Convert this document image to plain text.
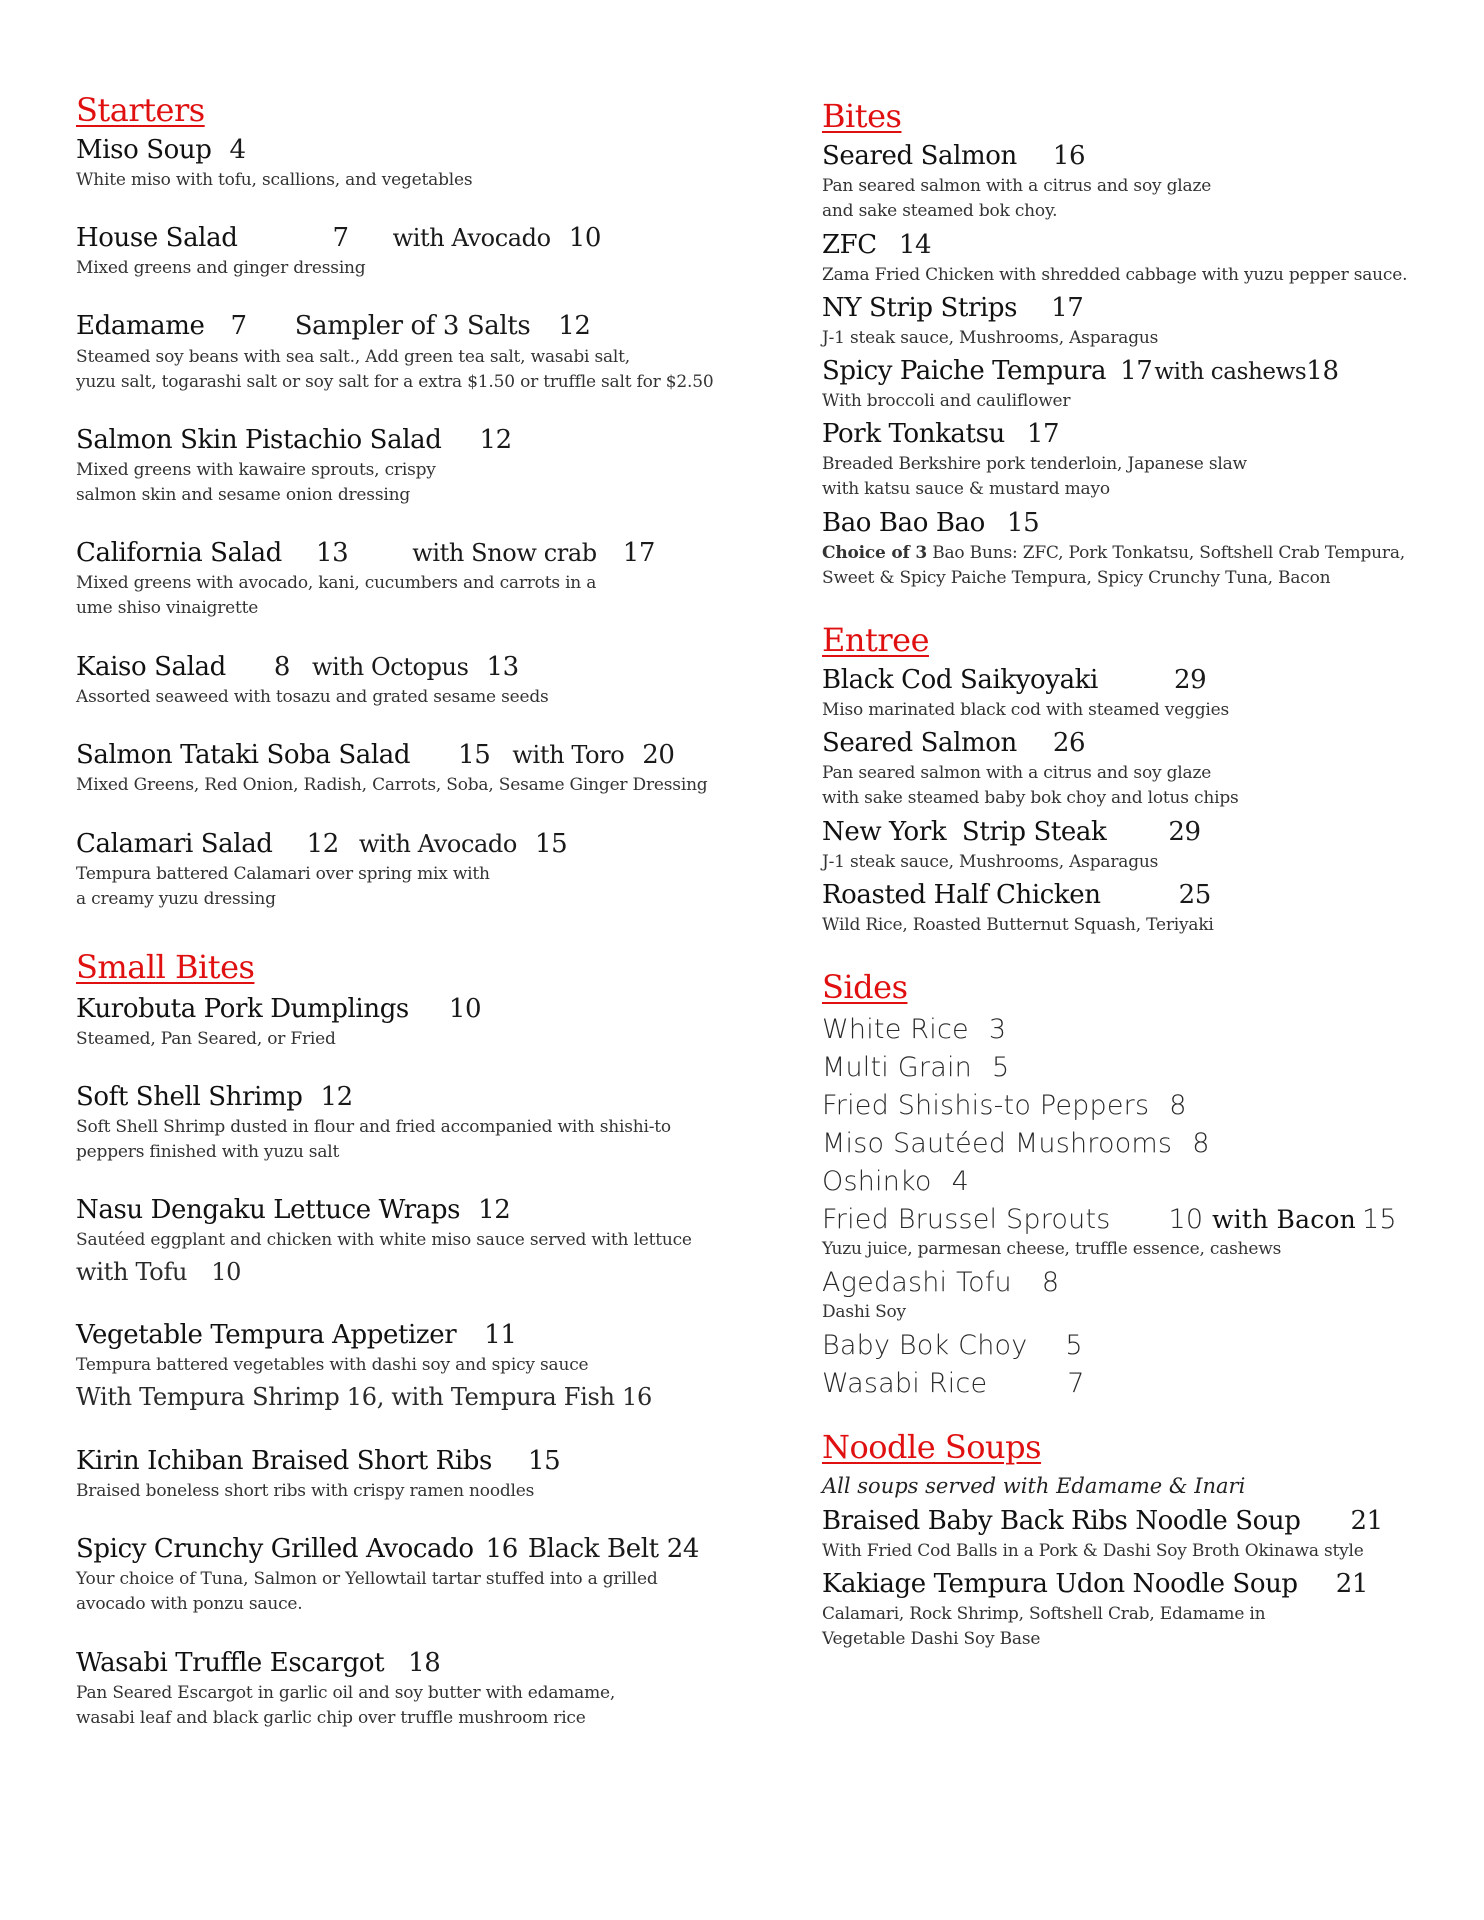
Starters
Miso Soup 4
White miso with tofu, scallions, and vegetables
House Salad	7 with Avocado 10
Mixed greens and ginger dressing
Edamame 7 Sampler of 3 Salts 12
Steamed soy beans with sea salt., Add green tea salt, wasabi salt,
yuzu salt, togarashi salt or soy salt for a extra $1.50 or truffle salt for $2.50
Salmon Skin Pistachio Salad 12
Mixed greens with kawaire sprouts, crispy
salmon skin and sesame onion dressing
California Salad 13	with Snow crab 17
Mixed greens with avocado, kani, cucumbers and carrots in a
ume shiso vinaigrette
Kaiso Salad 8 with Octopus 13
Assorted seaweed with tosazu and grated sesame seeds
Salmon Tataki Soba Salad 15 with Toro 20
Mixed Greens, Red Onion, Radish, Carrots, Soba, Sesame Ginger Dressing
Calamari Salad 12 with Avocado 15
Tempura battered Calamari over spring mix with
a creamy yuzu dressing
Small Bites
Kurobuta Pork Dumplings 10
Steamed, Pan Seared, or Fried
Soft Shell Shrimp 12
Soft Shell Shrimp dusted in flour and fried accompanied with shishi-to
peppers finished with yuzu salt
Nasu Dengaku Lettuce Wraps 12
Sautéed eggplant and chicken with white miso sauce served with lettuce
with Tofu 10
Vegetable Tempura Appetizer 11
Tempura battered vegetables with dashi soy and spicy sauce
With Tempura Shrimp 16, with Tempura Fish 16
Kirin Ichiban Braised Short Ribs 15
Braised boneless short ribs with crispy ramen noodles
Spicy Crunchy Grilled Avocado 16 Black Belt 24
Your choice of Tuna, Salmon or Yellowtail tartar stuffed into a grilled
avocado with ponzu sauce.
Wasabi Truffle Escargot 18
Pan Seared Escargot in garlic oil and soy butter with edamame,
wasabi leaf and black garlic chip over truffle mushroom rice
Bites
Seared Salmon 16
Pan seared salmon with a citrus and soy glaze
and sake steamed bok choy.
ZFC 14
Zama Fried Chicken with shredded cabbage with yuzu pepper sauce.
NY Strip Strips 17
J-1 steak sauce, Mushrooms, Asparagus
Spicy Paiche Tempura 17with cashews18
With broccoli and cauliflower
Pork Tonkatsu 17
Breaded Berkshire pork tenderloin, Japanese slaw
with katsu sauce & mustard mayo
Bao Bao Bao 15
Choice of 3 Bao Buns: ZFC, Pork Tonkatsu, Softshell Crab Tempura,
Sweet & Spicy Paiche Tempura, Spicy Crunchy Tuna, Bacon
Entree
Black Cod Saikyoyaki	29
Miso marinated black cod with steamed veggies
Seared Salmon 26
Pan seared salmon with a citrus and soy glaze
with sake steamed baby bok choy and lotus chips
New York  Strip Steak 29
J-1 steak sauce, Mushrooms, Asparagus
Roasted Half Chicken	25
Wild Rice, Roasted Butternut Squash, Teriyaki
Sides
White Rice 3
Multi Grain 5
Fried Shishis-to Peppers 8
Miso Sautéed Mushrooms 8
Oshinko 4
Fried Brussel Sprouts 10 with Bacon 15
Yuzu juice, parmesan cheese, truffle essence, cashews
Agedashi Tofu 8
Dashi Soy
Baby Bok Choy 5
Wasabi Rice	7
Noodle Soups
All soups served with Edamame & Inari
Braised Baby Back Ribs Noodle Soup 21
With Fried Cod Balls in a Pork & Dashi Soy Broth Okinawa style
Kakiage Tempura Udon Noodle Soup 21
Calamari, Rock Shrimp, Softshell Crab, Edamame in
Vegetable Dashi Soy Base
